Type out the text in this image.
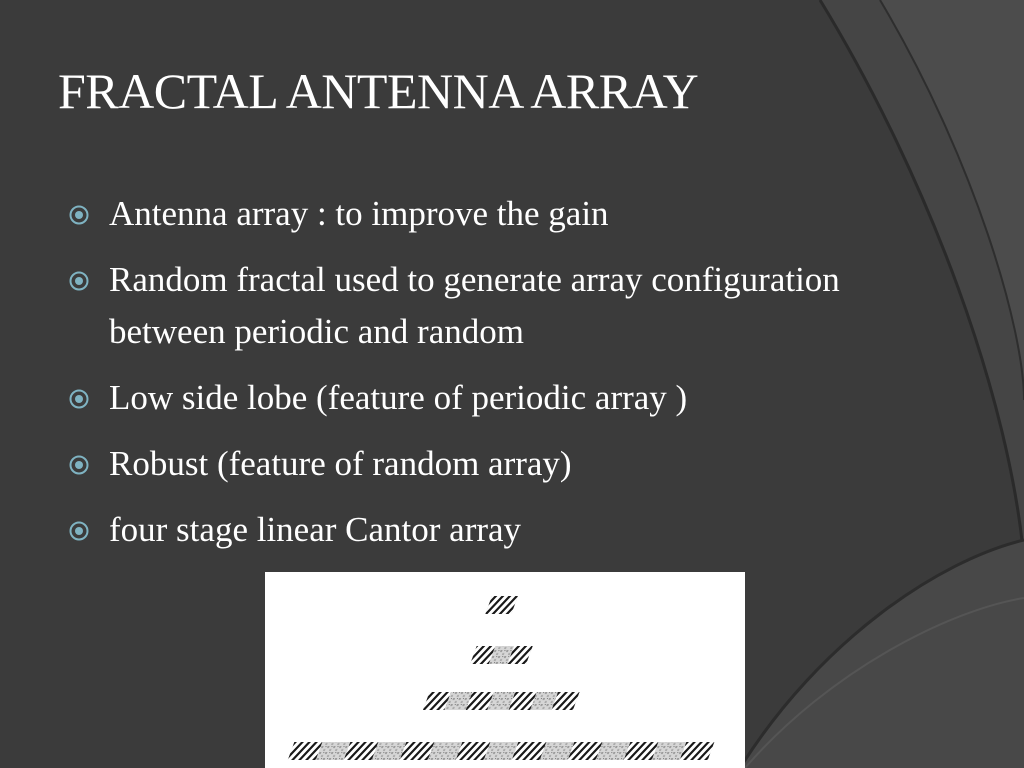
FRACTAL ANTENNA ARRAY
Antenna array : to improve the gain
Random fractal used to generate array configuration between periodic and random
Low side lobe (feature of periodic array )
Robust (feature of random array)
four stage linear Cantor array
